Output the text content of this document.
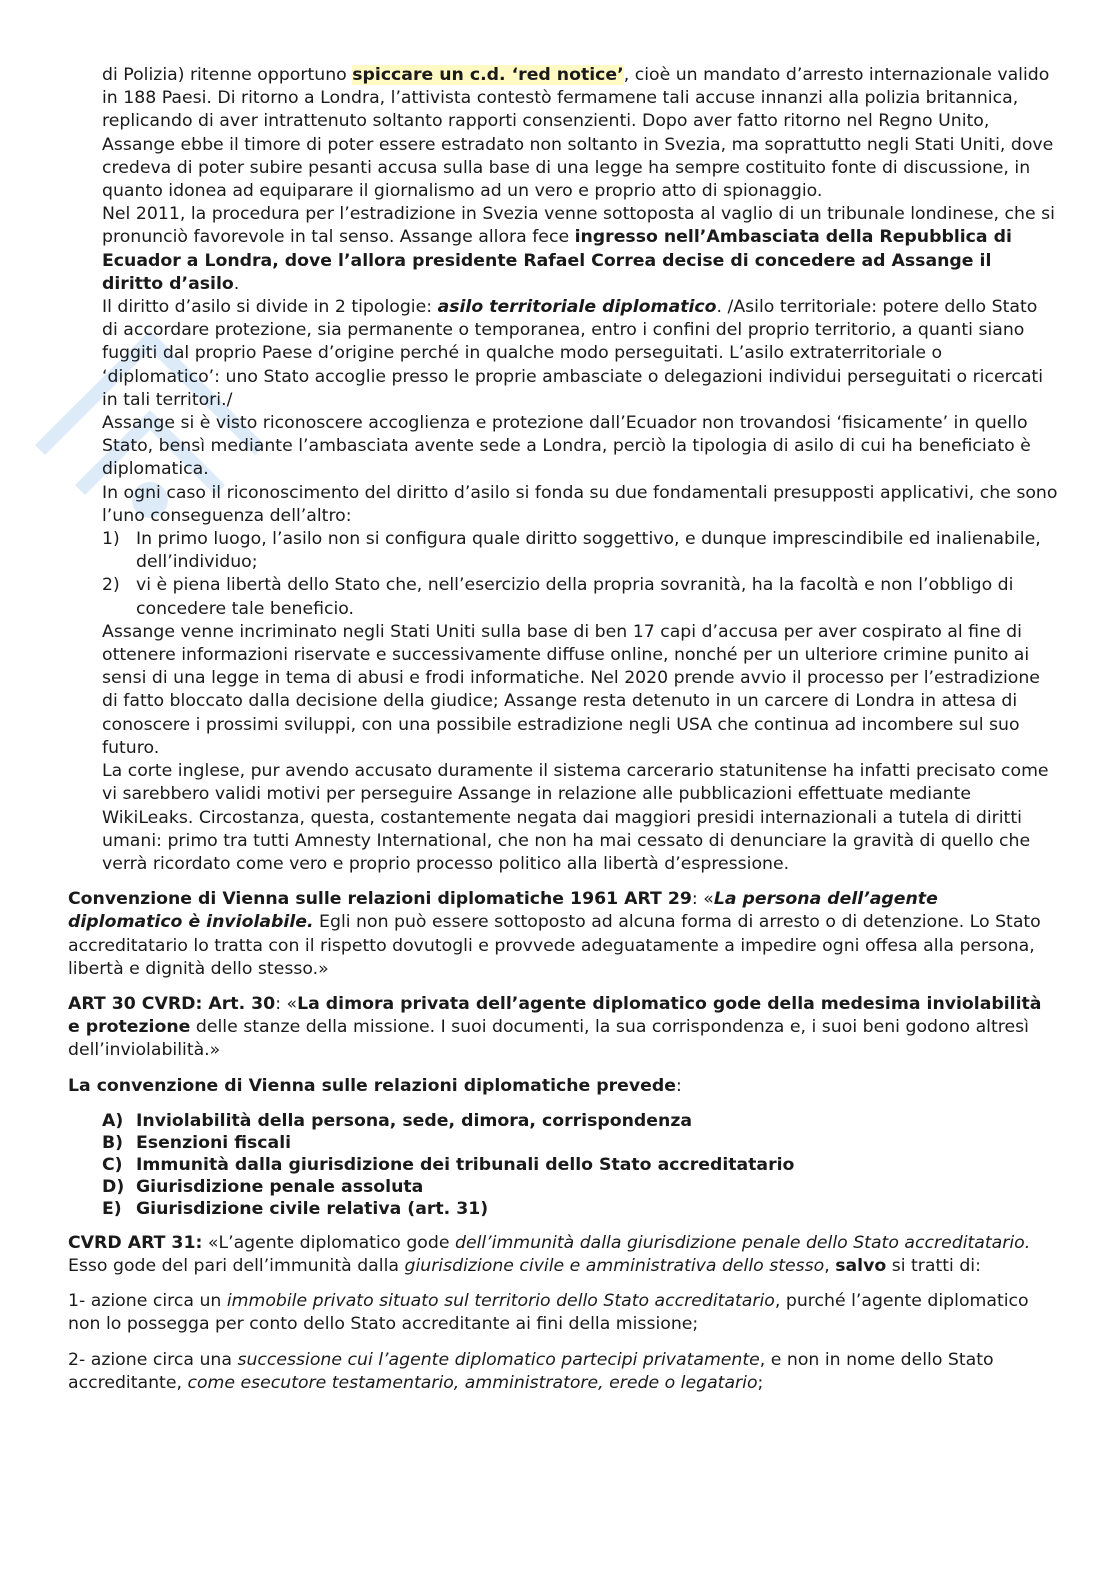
di Polizia) ritenne opportuno spiccare un c.d. ‘red notice’, cioè un mandato d’arresto internazionale valido in 188 Paesi. Di ritorno a Londra, l’attivista contestò fermamene tali accuse innanzi alla polizia britannica, replicando di aver intrattenuto soltanto rapporti consenzienti. Dopo aver fatto ritorno nel Regno Unito, Assange ebbe il timore di poter essere estradato non soltanto in Svezia, ma soprattutto negli Stati Uniti, dove credeva di poter subire pesanti accusa sulla base di una legge ha sempre costituito fonte di discussione, in quanto idonea ad equiparare il giornalismo ad un vero e proprio atto di spionaggio.

Nel 2011, la procedura per l’estradizione in Svezia venne sottoposta al vaglio di un tribunale londinese, che si pronunciò favorevole in tal senso. Assange allora fece ingresso nell’Ambasciata della Repubblica di Ecuador a Londra, dove l’allora presidente Rafael Correa decise di concedere ad Assange il diritto d’asilo.

Il diritto d’asilo si divide in 2 tipologie: asilo territoriale diplomatico. /Asilo territoriale: potere dello Stato di accordare protezione, sia permanente o temporanea, entro i confini del proprio territorio, a quanti siano fuggiti dal proprio Paese d’origine perché in qualche modo perseguitati. L’asilo extraterritoriale o ‘diplomatico’: uno Stato accoglie presso le proprie ambasciate o delegazioni individui perseguitati o ricercati in tali territori./

Assange si è visto riconoscere accoglienza e protezione dall’Ecuador non trovandosi ‘fisicamente’ in quello Stato, bensì mediante l’ambasciata avente sede a Londra, perciò la tipologia di asilo di cui ha beneficiato è diplomatica.

In ogni caso il riconoscimento del diritto d’asilo si fonda su due fondamentali presupposti applicativi, che sono l’uno conseguenza dell’altro:

1) In primo luogo, l’asilo non si configura quale diritto soggettivo, e dunque imprescindibile ed inalienabile, dell’individuo;
2) vi è piena libertà dello Stato che, nell’esercizio della propria sovranità, ha la facoltà e non l’obbligo di concedere tale beneficio.

Assange venne incriminato negli Stati Uniti sulla base di ben 17 capi d’accusa per aver cospirato al fine di ottenere informazioni riservate e successivamente diffuse online, nonché per un ulteriore crimine punito ai sensi di una legge in tema di abusi e frodi informatiche. Nel 2020 prende avvio il processo per l’estradizione di fatto bloccato dalla decisione della giudice; Assange resta detenuto in un carcere di Londra in attesa di conoscere i prossimi sviluppi, con una possibile estradizione negli USA che continua ad incombere sul suo futuro.

La corte inglese, pur avendo accusato duramente il sistema carcerario statunitense ha infatti precisato come vi sarebbero validi motivi per perseguire Assange in relazione alle pubblicazioni effettuate mediante WikiLeaks. Circostanza, questa, costantemente negata dai maggiori presidi internazionali a tutela di diritti umani: primo tra tutti Amnesty International, che non ha mai cessato di denunciare la gravità di quello che verrà ricordato come vero e proprio processo politico alla libertà d’espressione.

Convenzione di Vienna sulle relazioni diplomatiche 1961 ART 29: «La persona dell’agente diplomatico è inviolabile. Egli non può essere sottoposto ad alcuna forma di arresto o di detenzione. Lo Stato accreditatario lo tratta con il rispetto dovutogli e provvede adeguatamente a impedire ogni offesa alla persona, libertà e dignità dello stesso.»

ART 30 CVRD: Art. 30: «La dimora privata dell’agente diplomatico gode della medesima inviolabilità e protezione delle stanze della missione. I suoi documenti, la sua corrispondenza e, i suoi beni godono altresì dell’inviolabilità.»

La convenzione di Vienna sulle relazioni diplomatiche prevede:

A) Inviolabilità della persona, sede, dimora, corrispondenza
B) Esenzioni fiscali
C) Immunità dalla giurisdizione dei tribunali dello Stato accreditatario
D) Giurisdizione penale assoluta
E) Giurisdizione civile relativa (art. 31)

CVRD ART 31: «L’agente diplomatico gode dell’immunità dalla giurisdizione penale dello Stato accreditatario. Esso gode del pari dell’immunità dalla giurisdizione civile e amministrativa dello stesso, salvo si tratti di:

1- azione circa un immobile privato situato sul territorio dello Stato accreditatario, purché l’agente diplomatico non lo possegga per conto dello Stato accreditante ai fini della missione;

2- azione circa una successione cui l’agente diplomatico partecipi privatamente, e non in nome dello Stato accreditante, come esecutore testamentario, amministratore, erede o legatario;
